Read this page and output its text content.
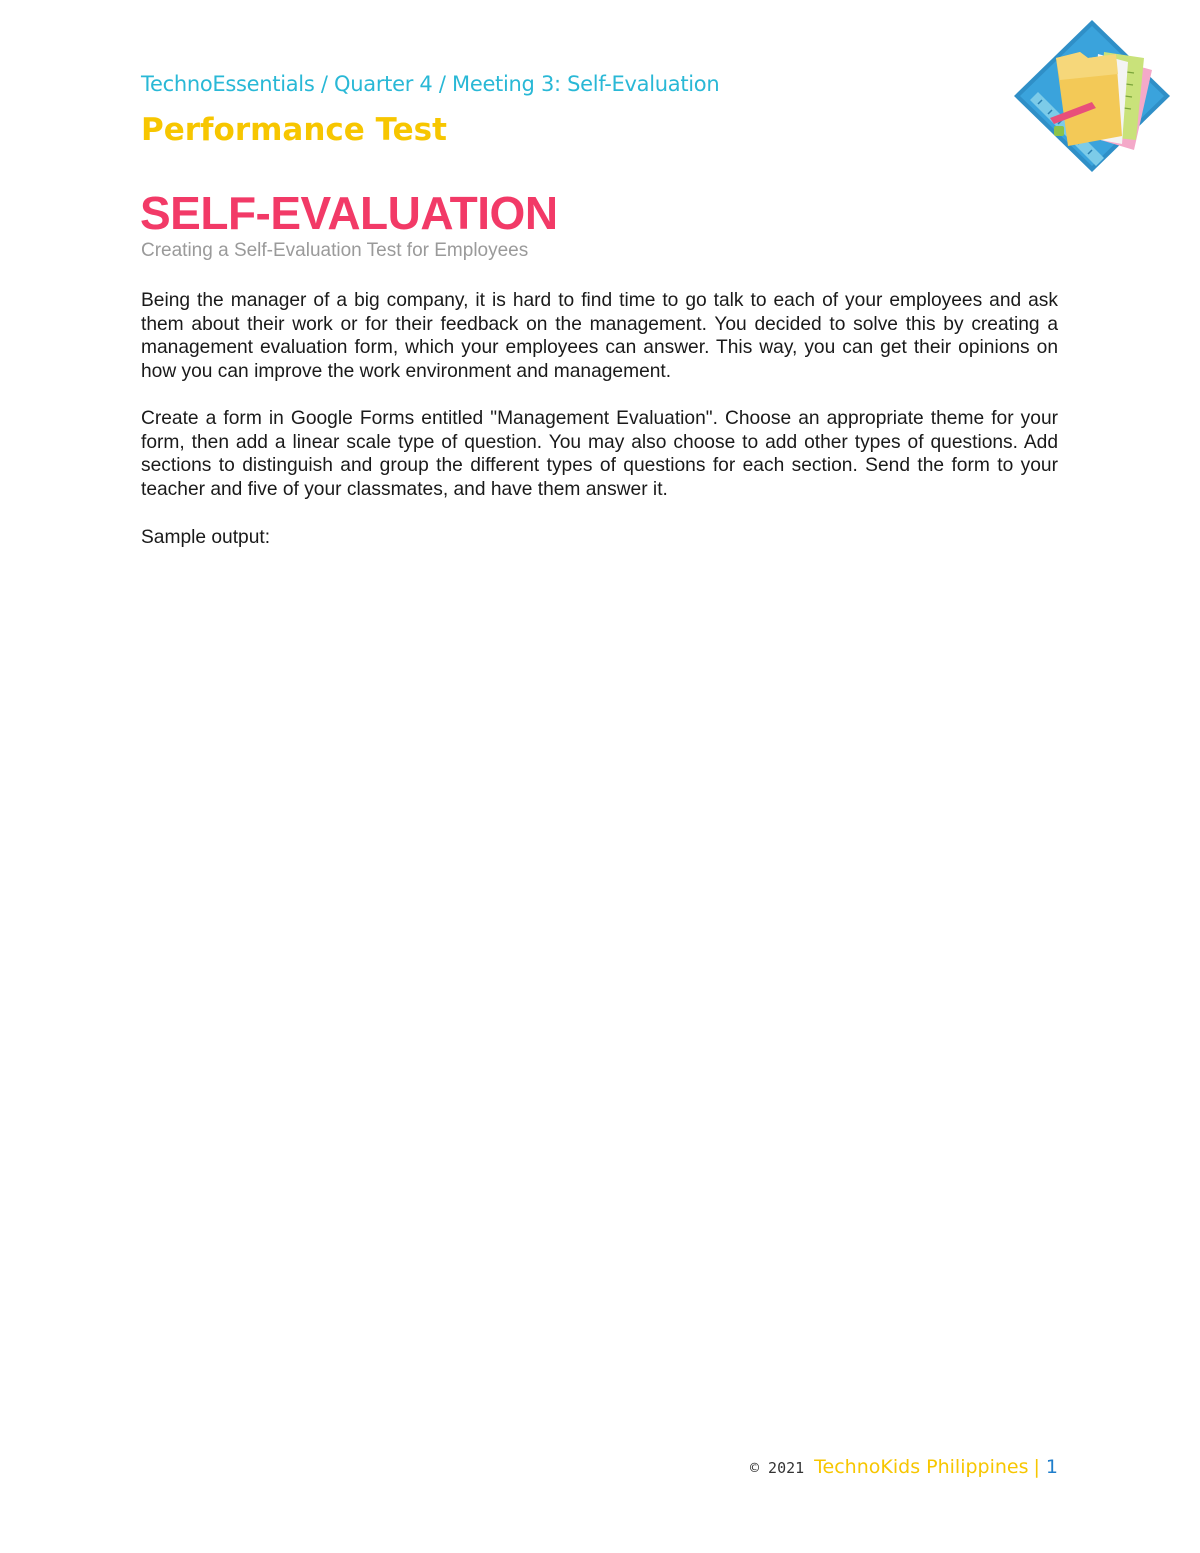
TechnoEssentials / Quarter 4 / Meeting 3: Self-Evaluation
Performance Test
SELF-EVALUATION
Creating a Self-Evaluation Test for Employees

Being the manager of a big company, it is hard to find time to go talk to each of your employees and ask them about their work or for their feedback on the management. You decided to solve this by creating a management evaluation form, which your employees can answer. This way, you can get their opinions on how you can improve the work environment and management.

Create a form in Google Forms entitled "Management Evaluation". Choose an appropriate theme for your form, then add a linear scale type of question. You may also choose to add other types of questions. Add sections to distinguish and group the different types of questions for each section. Send the form to your teacher and five of your classmates, and have them answer it.

Sample output:

© 2021 TechnoKids Philippines | 1
